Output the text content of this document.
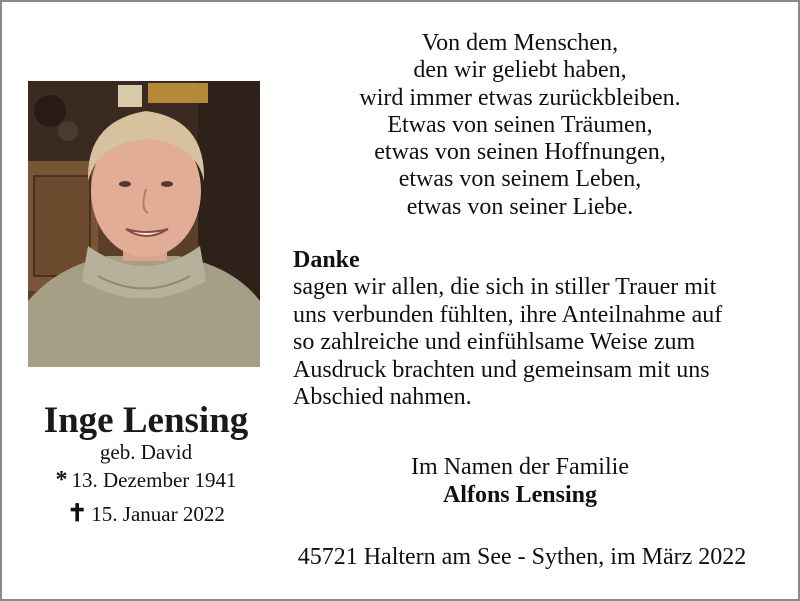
Inge Lensing
geb. David
* 13. Dezember 1941
✝ 15. Januar 2022
Von dem Menschen,
den wir geliebt haben,
wird immer etwas zurückbleiben.
Etwas von seinen Träumen,
etwas von seinen Hoffnungen,
etwas von seinem Leben,
etwas von seiner Liebe.
Danke
sagen wir allen, die sich in stiller Trauer mit
uns verbunden fühlten, ihre Anteilnahme auf
so zahlreiche und einfühlsame Weise zum
Ausdruck brachten und gemeinsam mit uns
Abschied nahmen.
Im Namen der Familie
Alfons Lensing
45721 Haltern am See - Sythen, im März 2022
